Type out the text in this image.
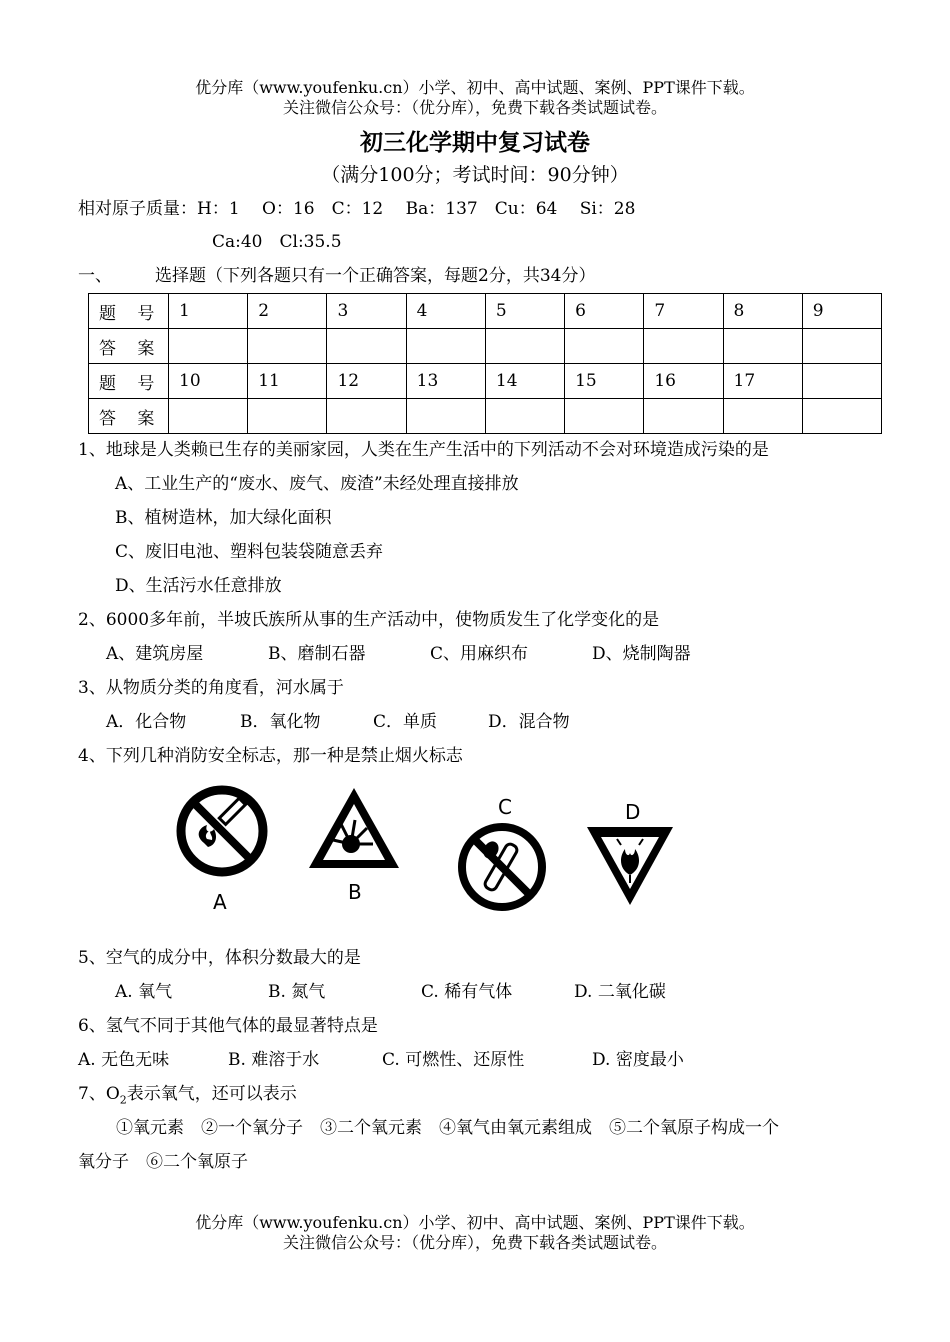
优分库（www.youfenku.cn）小学、初中、高中试题、案例、PPT课件下载。
关注微信公众号：（优分库），免费下载各类试题试卷。
初三化学期中复习试卷
（满分100分；考试时间：90分钟）
相对原子质量：H：1　 O：16　C：12　 Ba：137　Cu：64　 Si：28
Ca:40　Cl:35.5
一、	选择题（下列各题只有一个正确答案，每题2分，共34分）
题 号	1	2	3	4	5	6	7	8	9
答 案									
题 号	10	11	12	13	14	15	16	17	
答 案									
1、地球是人类赖已生存的美丽家园，人类在生产生活中的下列活动不会对环境造成污染的是
A、工业生产的“废水、废气、废渣”未经处理直接排放
B、植树造林，加大绿化面积
C、废旧电池、塑料包装袋随意丢弃
D、生活污水任意排放
2、6000多年前，半坡氏族所从事的生产活动中，使物质发生了化学变化的是
A、建筑房屋	B、磨制石器	C、用麻织布	D、烧制陶器
3、从物质分类的角度看，河水属于
A．化合物	B．氧化物	C．单质	D．混合物
4、下列几种消防安全标志，那一种是禁止烟火标志
A	B
C	D
5、空气的成分中，体积分数最大的是
A. 氧气	B. 氮气	C. 稀有气体	D. 二氧化碳
6、氢气不同于其他气体的最显著特点是
A. 无色无味	B. 难溶于水	C. 可燃性、还原性	D. 密度最小
7、$O_2$表示氧气，还可以表示
①氧元素　②一个氧分子　③二个氧元素　④氧气由氧元素组成　⑤二个氧原子构成一个
氧分子　⑥二个氧原子
优分库（www.youfenku.cn）小学、初中、高中试题、案例、PPT课件下载。
关注微信公众号：（优分库），免费下载各类试题试卷。
